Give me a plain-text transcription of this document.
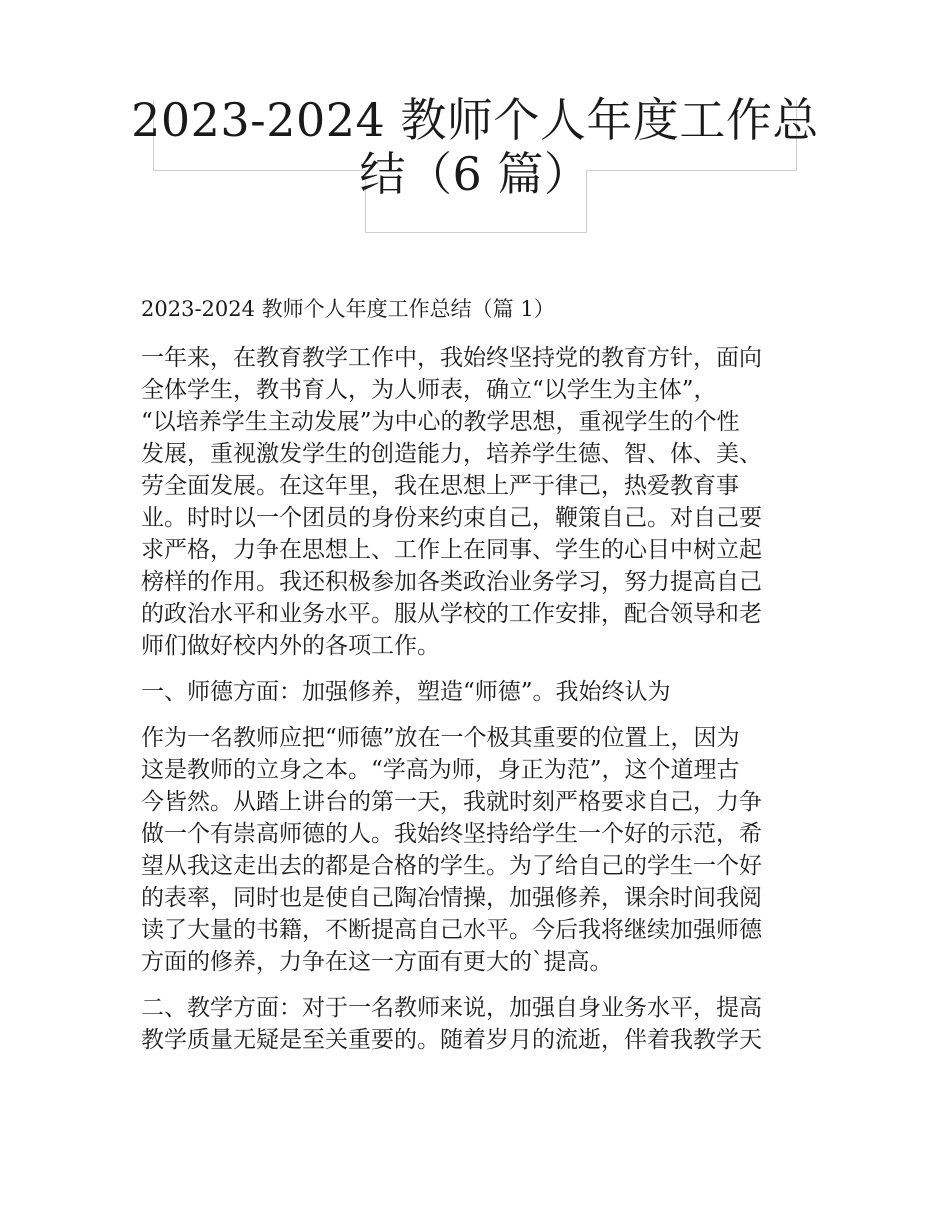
2023-2024 教师个人年度工作总
结（6 篇）
2023-2024 教师个人年度工作总结（篇 1）
一年来，在教育教学工作中，我始终坚持党的教育方针，面向
全体学生，教书育人，为人师表，确立“以学生为主体”，
“以培养学生主动发展”为中心的教学思想，重视学生的个性
发展，重视激发学生的创造能力，培养学生德、智、体、美、
劳全面发展。在这年里，我在思想上严于律己，热爱教育事
业。时时以一个团员的身份来约束自己，鞭策自己。对自己要
求严格，力争在思想上、工作上在同事、学生的心目中树立起
榜样的作用。我还积极参加各类政治业务学习，努力提高自己
的政治水平和业务水平。服从学校的工作安排，配合领导和老
师们做好校内外的各项工作。
一、师德方面：加强修养，塑造“师德”。我始终认为
作为一名教师应把“师德”放在一个极其重要的位置上，因为
这是教师的立身之本。“学高为师，身正为范”，这个道理古
今皆然。从踏上讲台的第一天，我就时刻严格要求自己，力争
做一个有崇高师德的人。我始终坚持给学生一个好的示范，希
望从我这走出去的都是合格的学生。为了给自己的学生一个好
的表率，同时也是使自己陶冶情操，加强修养，课余时间我阅
读了大量的书籍，不断提高自己水平。今后我将继续加强师德
方面的修养，力争在这一方面有更大的`提高。
二、教学方面：对于一名教师来说，加强自身业务水平，提高
教学质量无疑是至关重要的。随着岁月的流逝，伴着我教学天
